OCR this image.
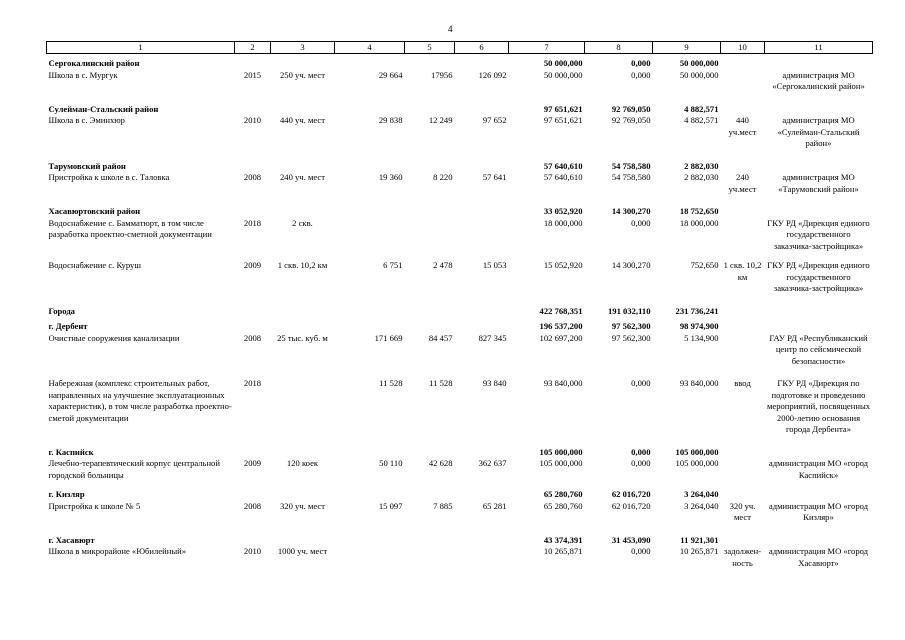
4
1	2	3	4	5	6	7	8	9	10	11
Сергокалинский район						50 000,000	0,000	50 000,000		
Школа в с. Мургук	2015	250 уч. мест	29 664	17956	126 092	50 000,000	0,000	50 000,000		администрация МО «Сергокалинский район»
Сулейман-Стальский район						97 651,621	92 769,050	4 882,571		
Школа в с. Эминхюр	2010	440 уч. мест	29 838	12 249	97 652	97 651,621	92 769,050	4 882,571	440 уч.мест	администрация МО «Сулейман-Стальский район»
Тарумовский район						57 640,610	54 758,580	2 882,030		
Пристройка к школе в с. Таловка	2008	240 уч. мест	19 360	8 220	57 641	57 640,610	54 758,580	2 882,030	240 уч.мест	администрация МО «Тарумовский район»
Хасавюртовский район						33 052,920	14 300,270	18 752,650		
Водоснабжение с. Бамматюрт, в том числе разработка проектно-сметной документации	2018	2 скв.				18 000,000	0,000	18 000,000		ГКУ РД «Дирекция единого государственного заказчика-застройщика»
Водоснабжение с. Куруш	2009	1 скв. 10,2 км	6 751	2 478	15 053	15 052,920	14 300,270	752,650	1 скв. 10,2 км	ГКУ РД «Дирекция единого государственного заказчика-застройщика»
Города						422 768,351	191 032,110	231 736,241		
г. Дербент						196 537,200	97 562,300	98 974,900		
Очистные сооружения канализации	2008	25 тыс. куб. м	171 669	84 457	827 345	102 697,200	97 562,300	5 134,900		ГАУ РД «Республиканский центр по сейсмической безопасности»
Набережная (комплекс строительных работ, направленных на улучшение эксплуатационных характеристик), в том числе разработка проектно-сметой документации	2018		11 528	11 528	93 840	93 840,000	0,000	93 840,000	ввод	ГКУ РД «Дирекция по подготовке и проведению мероприятий, посвященных 2000-летию основания города Дербента»
г. Каспийск						105 000,000	0,000	105 000,000		
Лечебно-терапевтический корпус центральной городской больницы	2009	120 коек	50 110	42 628	362 637	105 000,000	0,000	105 000,000		администрация МО «город Каспийск»
г. Кизляр						65 280,760	62 016,720	3 264,040		
Пристройка к школе № 5	2008	320 уч. мест	15 097	7 885	65 281	65 280,760	62 016,720	3 264,040	320 уч. мест	администрация МО «город Кизляр»
г. Хасавюрт						43 374,391	31 453,090	11 921,301		
Школа в микрорайоне «Юбилейный»	2010	1000 уч. мест				10 265,871	0,000	10 265,871	задолжен-ность	администрация МО «город Хасавюрт»
